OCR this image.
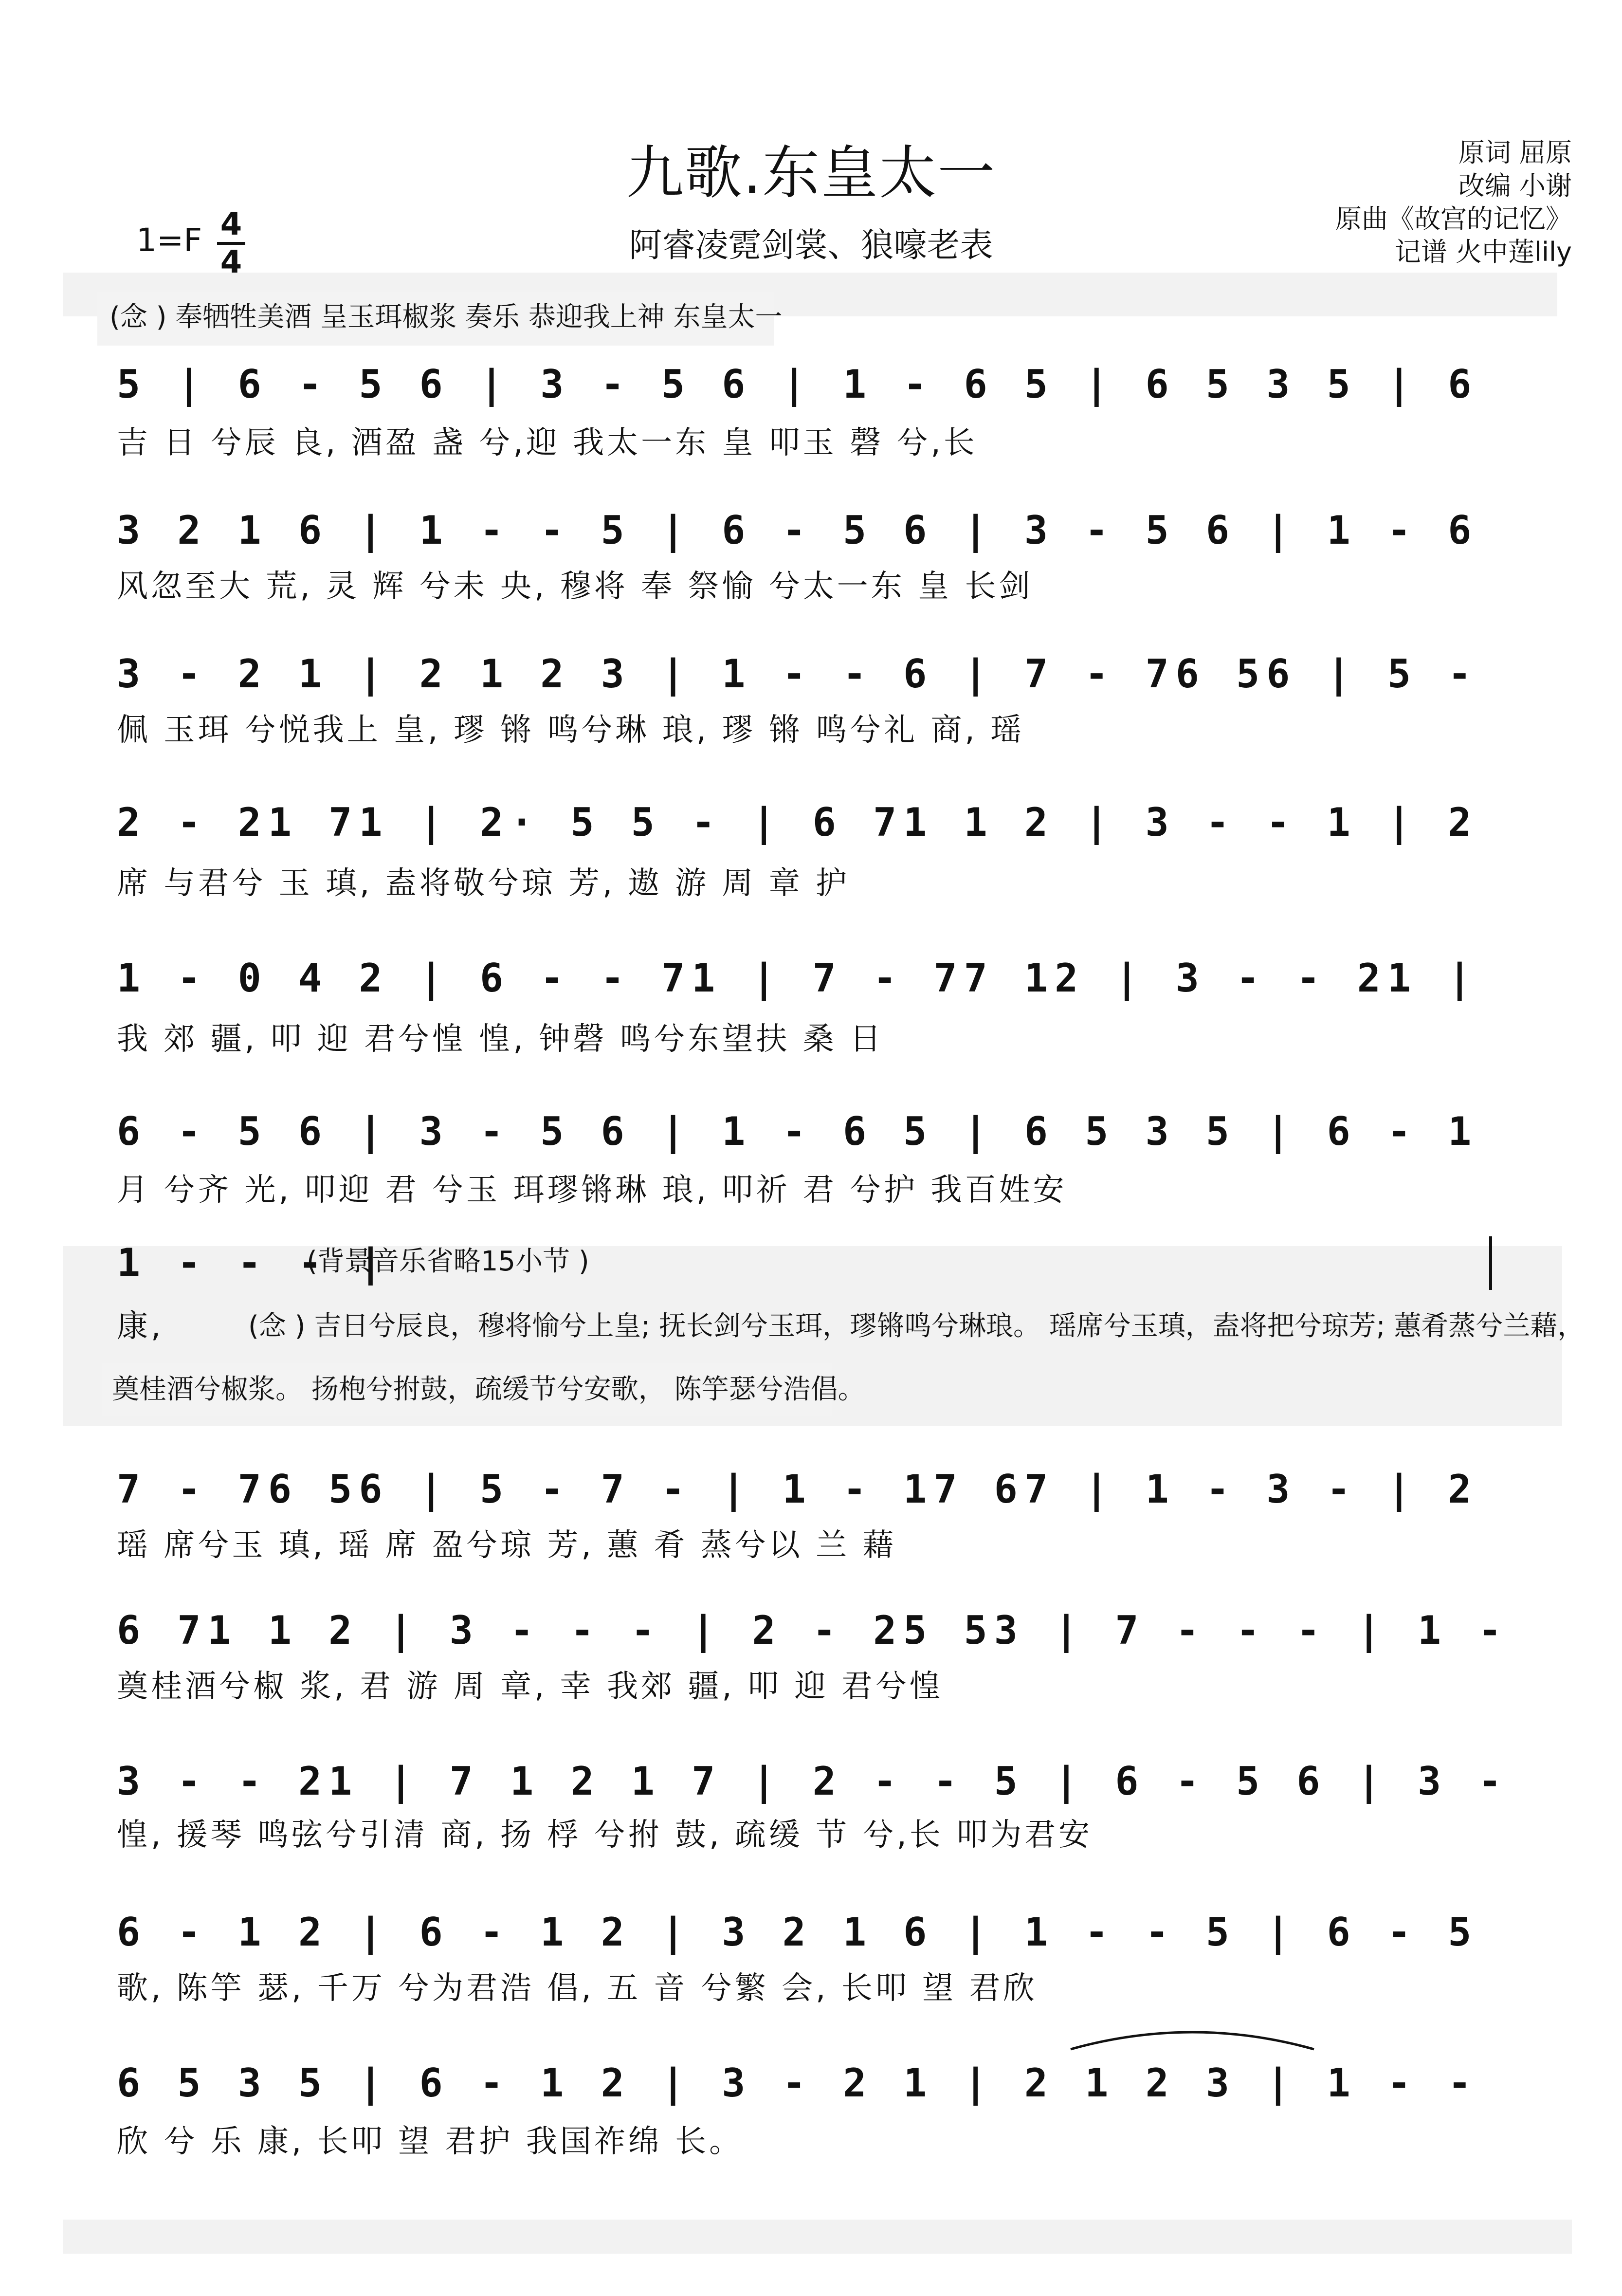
九歌.东皇太一
阿睿凌霓剑裳、狼嚎老表
原词 屈原
改编 小谢
原曲《故宫的记忆》
记谱 火中莲lily
1=F 4
4
(念 ) 奉牺牲美酒 呈玉珥椒浆 奏乐 恭迎我上神 东皇太一
5 | 6 - 5 6 | 3 - 5 6 | 1 - 6 5 | 6 5 3 5 | 6
吉 日 兮辰 良, 酒盈 盏 兮,迎 我太一东 皇 叩玉 磬 兮,长
3 2 1 6 | 1 - - 5 | 6 - 5 6 | 3 - 5 6 | 1 - 6
风忽至大 荒, 灵 辉 兮未 央, 穆将 奉 祭愉 兮太一东 皇 长剑
3 - 2 1 | 2 1 2 3 | 1 - - 6 | 7 - 76 56 | 5 -
佩 玉珥 兮悦我上 皇, 璆 锵 鸣兮琳 琅, 璆 锵 鸣兮礼 商, 瑶
2 - 21 71 | 2· 5 5 - | 6 71 1 2 | 3 - - 1 | 2
席 与君兮 玉 瑱, 盍将敬兮琼 芳, 遨 游 周 章 护
1 - 0 4 2 | 6 - - 71 | 7 - 77 12 | 3 - - 21 |
我 郊 疆, 叩 迎 君兮惶 惶, 钟磬 鸣兮东望扶 桑 日
6 - 5 6 | 3 - 5 6 | 1 - 6 5 | 6 5 3 5 | 6 - 1
月 兮齐 光, 叩迎 君 兮玉 珥璆锵琳 琅, 叩祈 君 兮护 我百姓安
1 - - - |
(背景音乐省略15小节 )
康,	(念 ) 吉日兮辰良，穆将愉兮上皇; 抚长剑兮玉珥，璆锵鸣兮琳琅。 瑶席兮玉瑱，盍将把兮琼芳; 蕙肴蒸兮兰藉，
奠桂酒兮椒浆。 扬枹兮拊鼓，疏缓节兮安歌， 陈竽瑟兮浩倡。
7 - 76 56 | 5 - 7 - | 1 - 17 67 | 1 - 3 - | 2
瑶 席兮玉 瑱, 瑶 席 盈兮琼 芳, 蕙 肴 蒸兮以 兰 藉
6 71 1 2 | 3 - - - | 2 - 25 53 | 7 - - - | 1 -
奠桂酒兮椒 浆, 君 游 周 章, 幸 我郊 疆, 叩 迎 君兮惶
3 - - 21 | 7 1 2 1 7 | 2 - - 5 | 6 - 5 6 | 3 -
惶, 援琴 鸣弦兮引清 商, 扬 桴 兮拊 鼓, 疏缓 节 兮,长 叩为君安
6 - 1 2 | 6 - 1 2 | 3 2 1 6 | 1 - - 5 | 6 - 5
歌, 陈竽 瑟, 千万 兮为君浩 倡, 五 音 兮繁 会, 长叩 望 君欣
6 5 3 5 | 6 - 1 2 | 3 - 2 1 | 2 1 2 3 | 1 - -
欣 兮 乐 康, 长叩 望 君护 我国祚绵 长。
